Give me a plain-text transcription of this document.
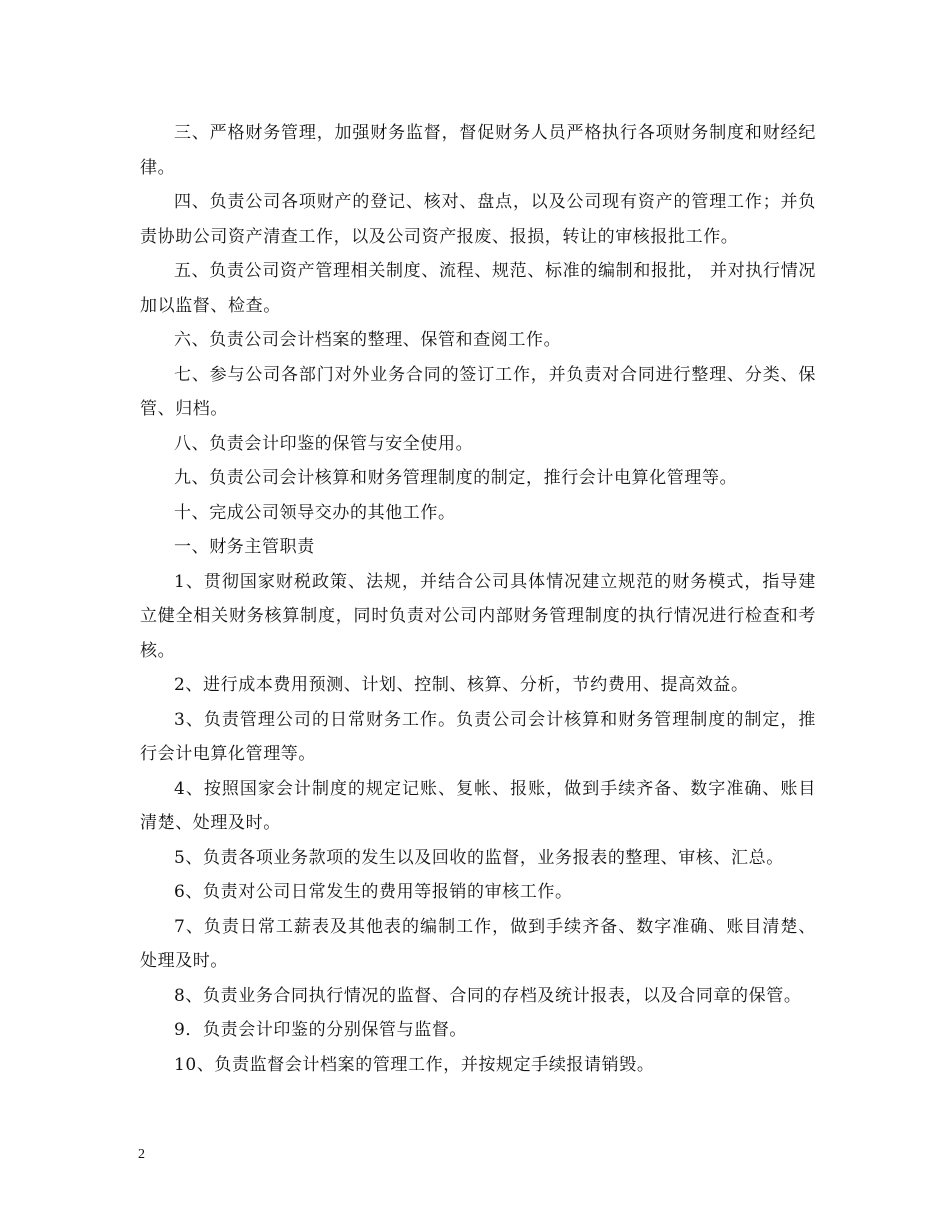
三、严格财务管理，加强财务监督，督促财务人员严格执行各项财务制度和财经纪律。

四、负责公司各项财产的登记、核对、盘点，以及公司现有资产的管理工作；并负责协助公司资产清查工作，以及公司资产报废、报损，转让的审核报批工作。

五、负责公司资产管理相关制度、流程、规范、标准的编制和报批， 并对执行情况加以监督、检查。

六、负责公司会计档案的整理、保管和查阅工作。

七、参与公司各部门对外业务合同的签订工作，并负责对合同进行整理、分类、保管、归档。

八、负责会计印鉴的保管与安全使用。

九、负责公司会计核算和财务管理制度的制定，推行会计电算化管理等。

十、完成公司领导交办的其他工作。

一、财务主管职责

1、贯彻国家财税政策、法规，并结合公司具体情况建立规范的财务模式，指导建立健全相关财务核算制度，同时负责对公司内部财务管理制度的执行情况进行检查和考核。

2、进行成本费用预测、计划、控制、核算、分析，节约费用、提高效益。

3、负责管理公司的日常财务工作。负责公司会计核算和财务管理制度的制定，推行会计电算化管理等。

4、按照国家会计制度的规定记账、复帐、报账，做到手续齐备、数字准确、账目清楚、处理及时。

5、负责各项业务款项的发生以及回收的监督，业务报表的整理、审核、汇总。

6、负责对公司日常发生的费用等报销的审核工作。

7、负责日常工薪表及其他表的编制工作，做到手续齐备、数字准确、账目清楚、处理及时。

8、负责业务合同执行情况的监督、合同的存档及统计报表，以及合同章的保管。

9．负责会计印鉴的分别保管与监督。

10、负责监督会计档案的管理工作，并按规定手续报请销毁。

2
